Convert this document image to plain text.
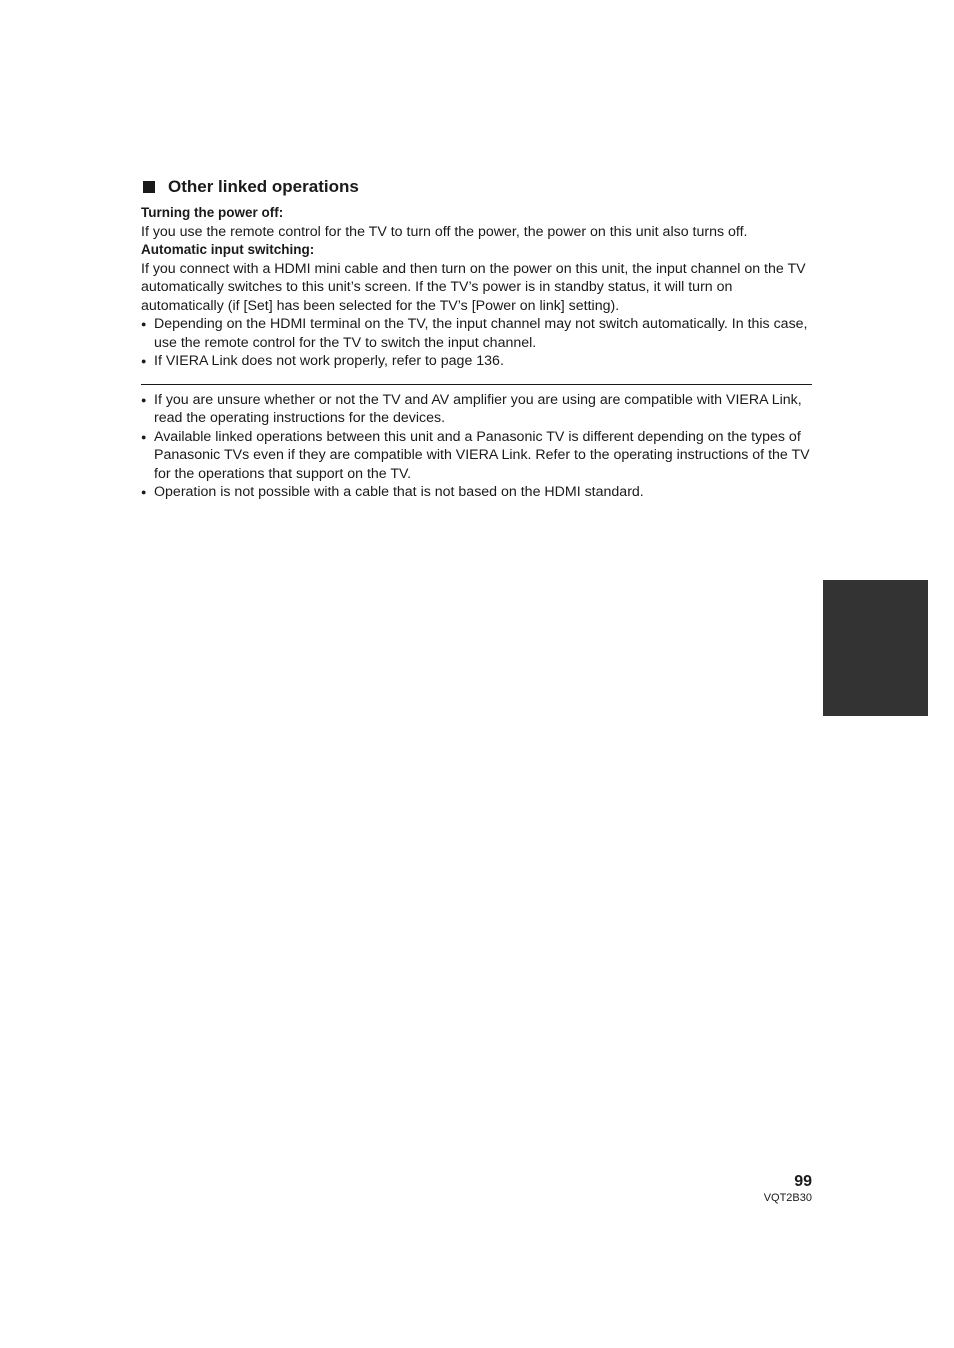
Other linked operations
Turning the power off:

If you use the remote control for the TV to turn off the power, the power on this unit also turns off.

Automatic input switching:

If you connect with a HDMI mini cable and then turn on the power on this unit, the input channel on the TV automatically switches to this unit’s screen. If the TV’s power is in standby status, it will turn on automatically (if [Set] has been selected for the TV’s [Power on link] setting).

● Depending on the HDMI terminal on the TV, the input channel may not switch automatically. In this case, use the remote control for the TV to switch the input channel.
● If VIERA Link does not work properly, refer to page 136.
● If you are unsure whether or not the TV and AV amplifier you are using are compatible with VIERA Link, read the operating instructions for the devices.
● Available linked operations between this unit and a Panasonic TV is different depending on the types of Panasonic TVs even if they are compatible with VIERA Link. Refer to the operating instructions of the TV for the operations that support on the TV.
● Operation is not possible with a cable that is not based on the HDMI standard.
99
VQT2B30
